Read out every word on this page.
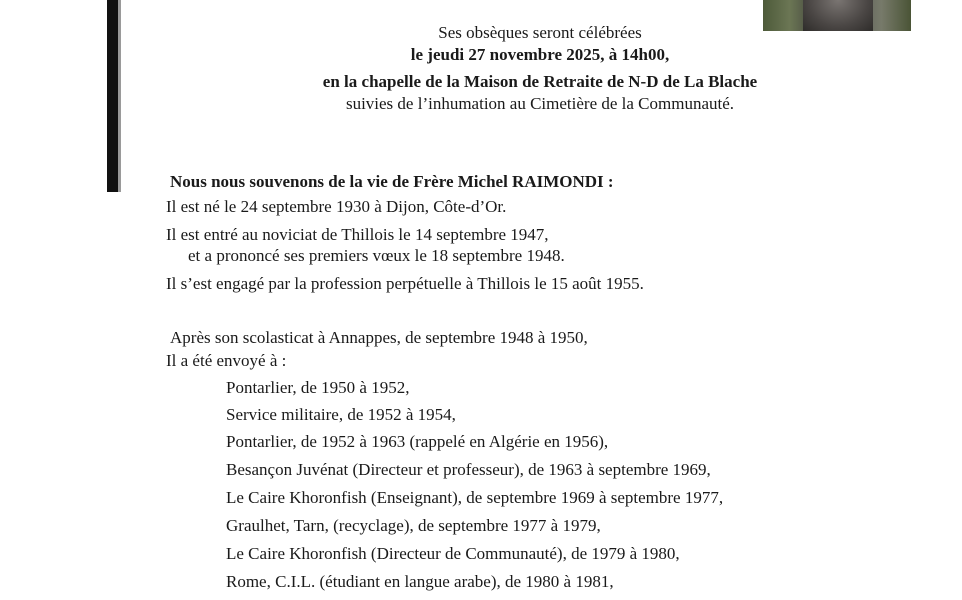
Ses obsèques seront célébrées
le jeudi 27 novembre 2025, à 14h00,
en la chapelle de la Maison de Retraite de N-D de La Blache
suivies de l’inhumation au Cimetière de la Communauté.
Nous nous souvenons de la vie de Frère Michel RAIMONDI :
Il est né le 24 septembre 1930 à Dijon, Côte-d’Or.
Il est entré au noviciat de Thillois le 14 septembre 1947,
et a prononcé ses premiers vœux le 18 septembre 1948.
Il s’est engagé par la profession perpétuelle à Thillois le 15 août 1955.
Après son scolasticat à Annappes, de septembre 1948 à 1950,
Il a été envoyé à :
Pontarlier, de 1950 à 1952,
Service militaire, de 1952 à 1954,
Pontarlier, de 1952 à 1963 (rappelé en Algérie en 1956),
Besançon Juvénat (Directeur et professeur), de 1963 à septembre 1969,
Le Caire Khoronfish (Enseignant), de septembre 1969 à septembre 1977,
Graulhet, Tarn, (recyclage), de septembre 1977 à 1979,
Le Caire Khoronfish (Directeur de Communauté), de 1979 à 1980,
Rome, C.I.L. (étudiant en langue arabe), de 1980 à 1981,
